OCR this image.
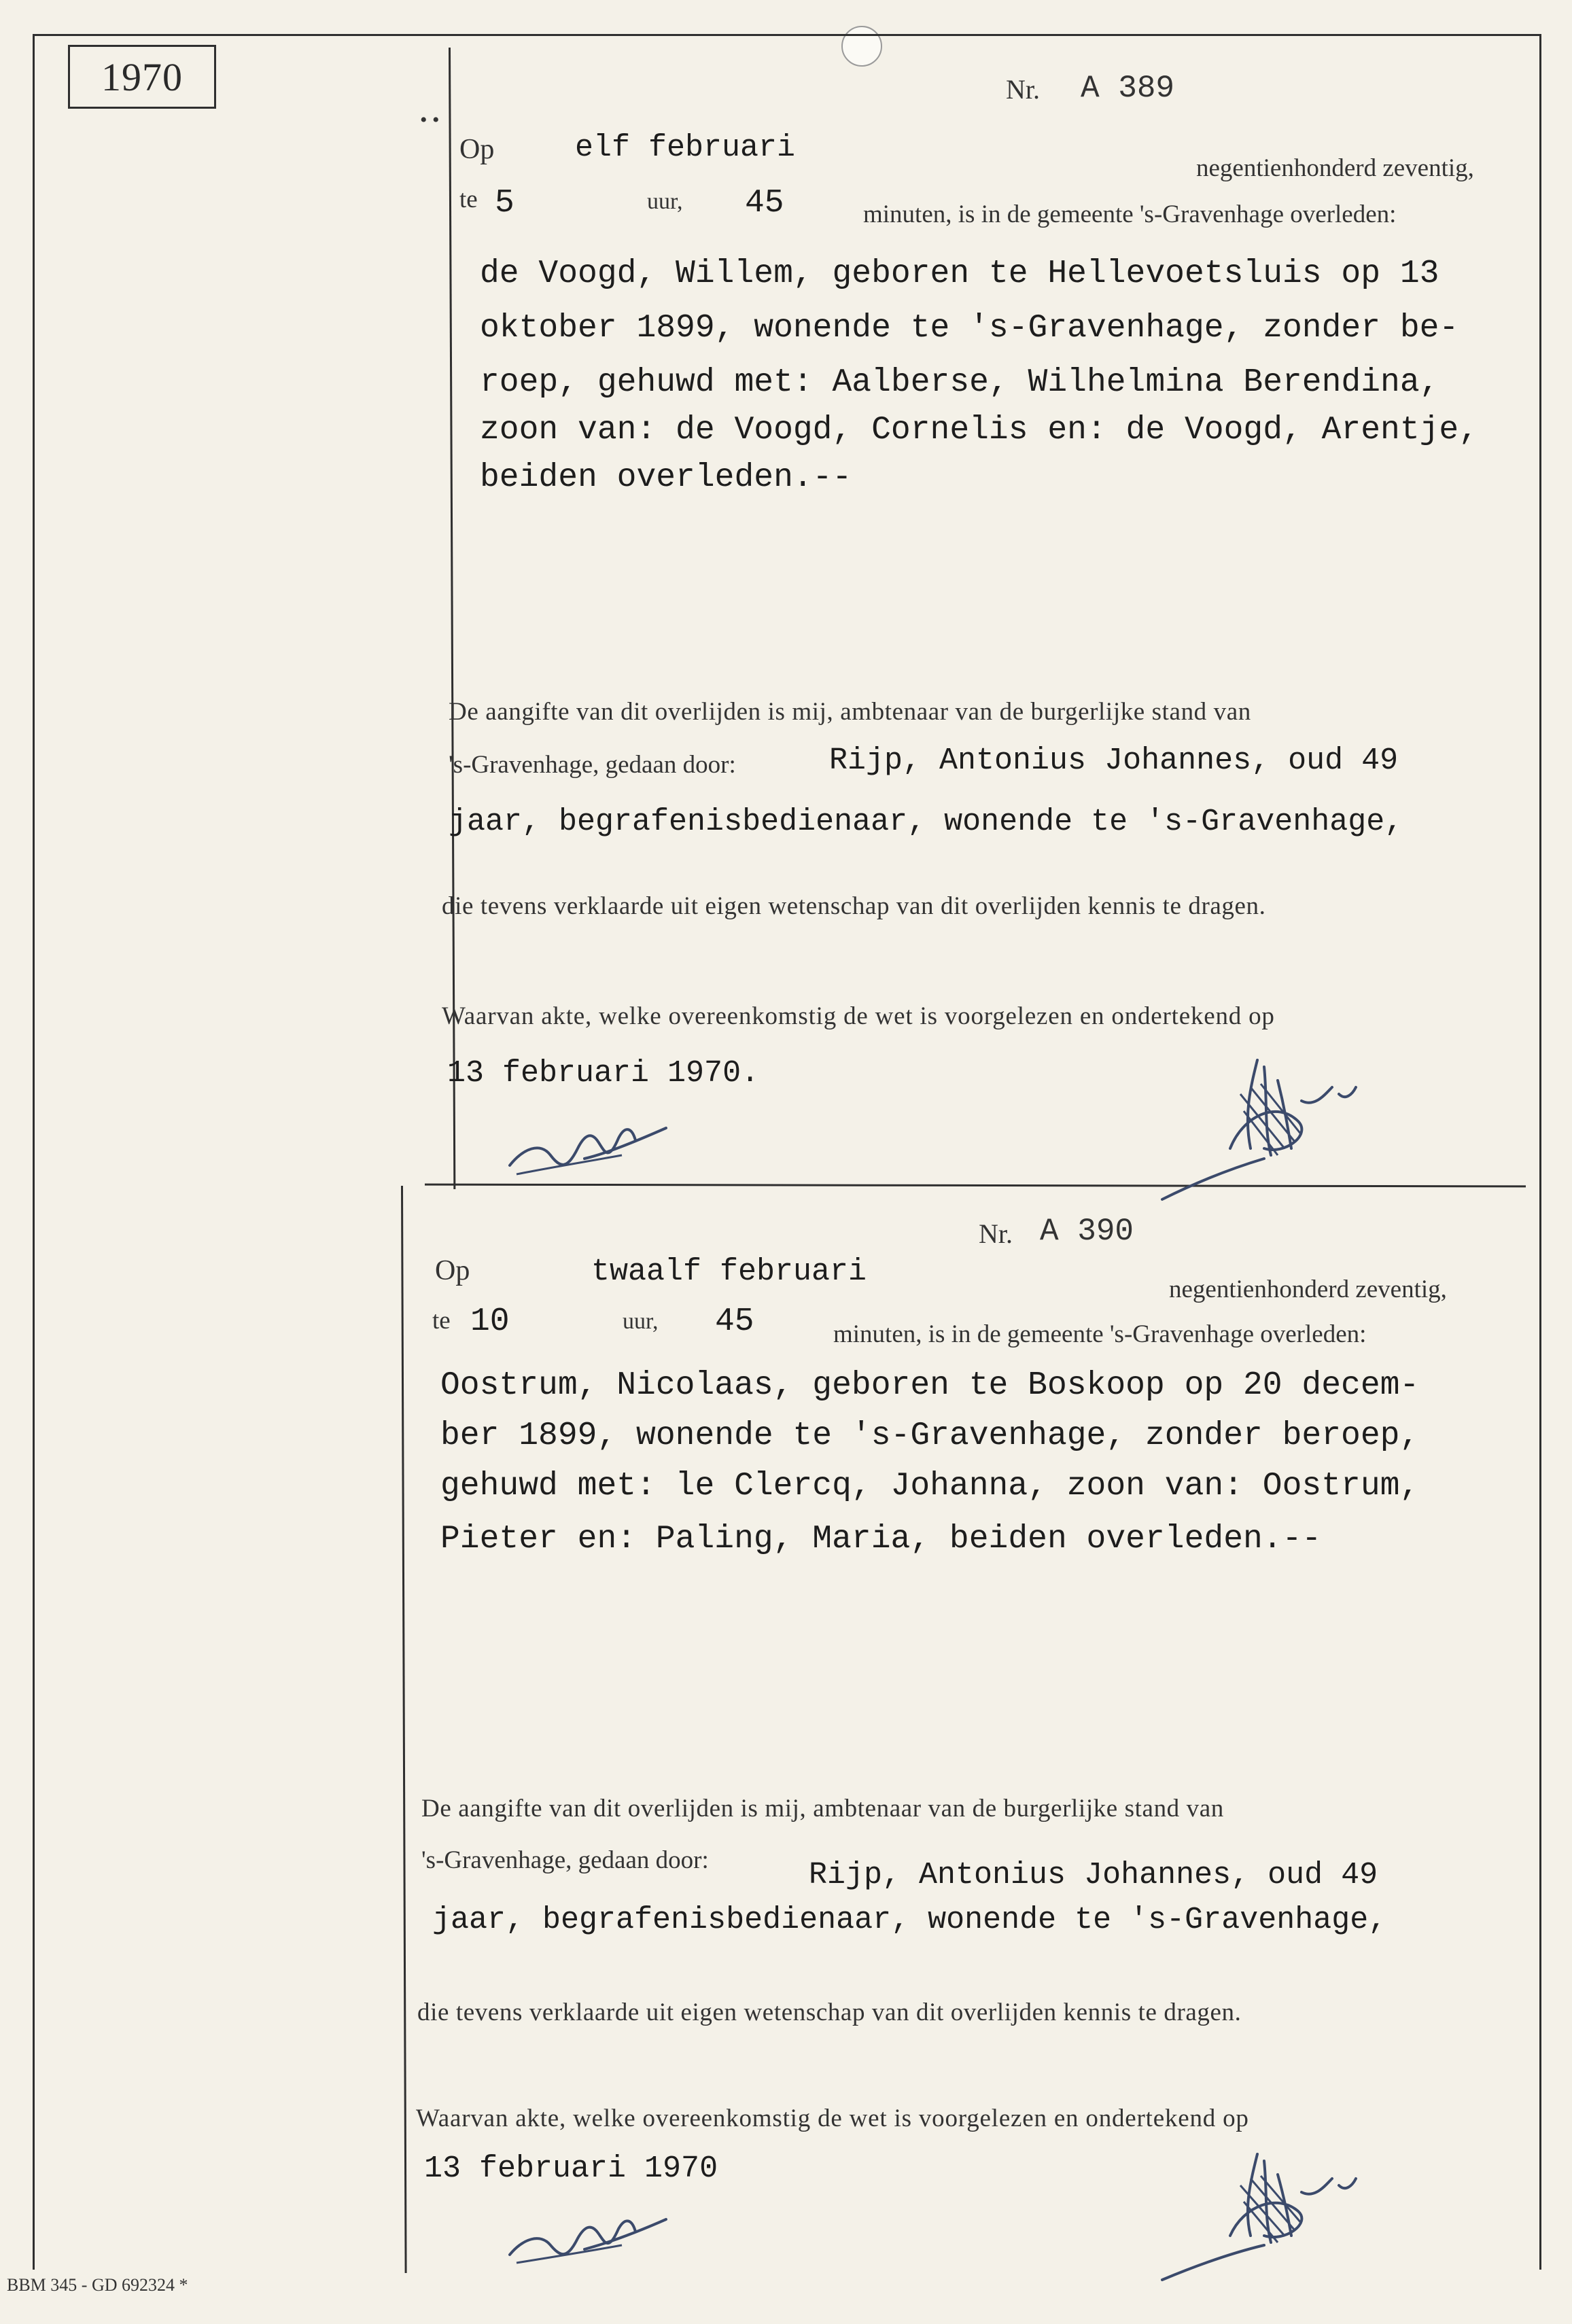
1970
• •
Nr. A 389
Op	elf februari
negentienhonderd zeventig,
te 5	uur, 45	minuten, is in de gemeente 's-Gravenhage overleden:
de Voogd, Willem, geboren te Hellevoetsluis op 13
oktober 1899, wonende te 's-Gravenhage, zonder be-
roep, gehuwd met: Aalberse, Wilhelmina Berendina,
zoon van: de Voogd, Cornelis en: de Voogd, Arentje,
beiden overleden.--
De aangifte van dit overlijden is mij, ambtenaar van de burgerlijke stand van
's-Gravenhage, gedaan door:	Rijp, Antonius Johannes, oud 49
jaar, begrafenisbedienaar, wonende te 's-Gravenhage,
die tevens verklaarde uit eigen wetenschap van dit overlijden kennis te dragen.
Waarvan akte, welke overeenkomstig de wet is voorgelezen en ondertekend op
13 februari 1970.
Nr. A 390
Op	twaalf februari
negentienhonderd zeventig,
te 10	uur, 45	minuten, is in de gemeente 's-Gravenhage overleden:
Oostrum, Nicolaas, geboren te Boskoop op 20 decem-
ber 1899, wonende te 's-Gravenhage, zonder beroep,
gehuwd met: le Clercq, Johanna, zoon van: Oostrum,
Pieter en: Paling, Maria, beiden overleden.--
De aangifte van dit overlijden is mij, ambtenaar van de burgerlijke stand van
's-Gravenhage, gedaan door:	Rijp, Antonius Johannes, oud 49
jaar, begrafenisbedienaar, wonende te 's-Gravenhage,
die tevens verklaarde uit eigen wetenschap van dit overlijden kennis te dragen.
Waarvan akte, welke overeenkomstig de wet is voorgelezen en ondertekend op
13 februari 1970
BBM 345 - GD 692324 *
